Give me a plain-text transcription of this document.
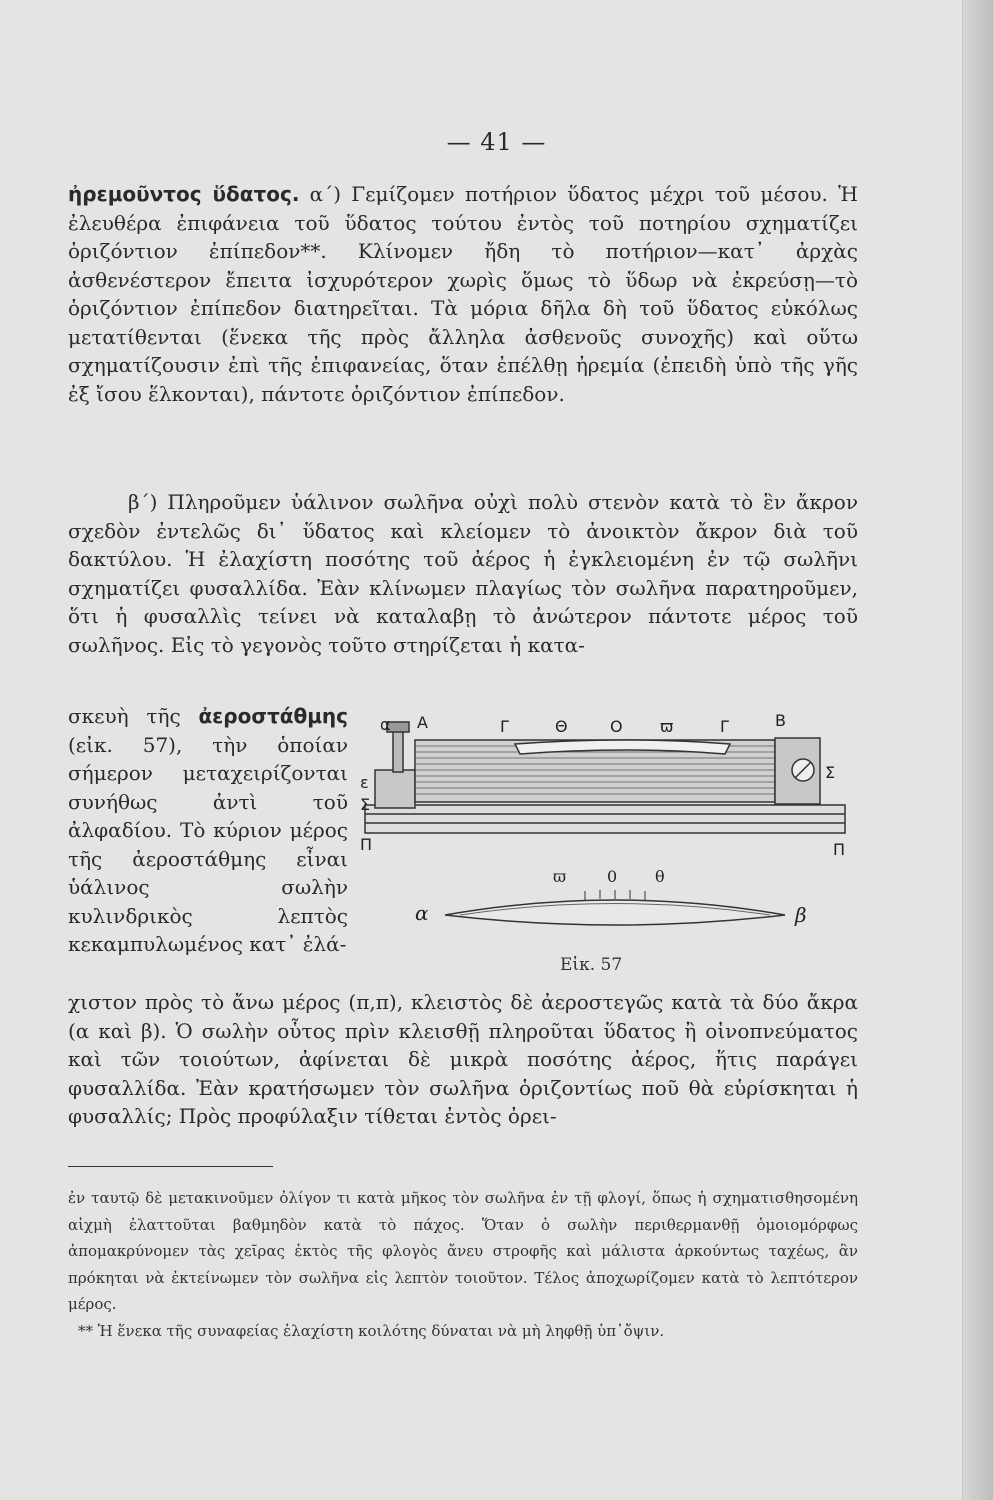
— 41 —

ἠρεμοῦντος ὕδατος. α΄) Γεμίζομεν ποτήριον ὕδατος μέχρι τοῦ μέσου. Ἡ ἐλευθέρα ἐπιφάνεια τοῦ ὕδατος τούτου ἐντὸς τοῦ ποτηρίου σχηματίζει ὁριζόντιον ἐπίπεδον**. Κλίνομεν ἤδη τὸ ποτήριον—κατ᾽ ἀρχὰς ἀσθενέστερον ἔπειτα ἰσχυρότερον χωρὶς ὅμως τὸ ὕδωρ νὰ ἐκρεύσῃ—τὸ ὁριζόντιον ἐπίπεδον διατηρεῖται. Τὰ μόρια δῆλα δὴ τοῦ ὕδατος εὐκόλως μετατίθενται (ἕνεκα τῆς πρὸς ἄλληλα ἀσθενοῦς συνοχῆς) καὶ οὕτω σχηματίζουσιν ἐπὶ τῆς ἐπιφανείας, ὅταν ἐπέλθῃ ἠρεμία (ἐπειδὴ ὑπὸ τῆς γῆς ἐξ ἴσου ἕλκονται), πάντοτε ὁριζόντιον ἐπίπεδον.

β΄) Πληροῦμεν ὑάλινον σωλῆνα οὐχὶ πολὺ στενὸν κατὰ τὸ ἓν ἄκρον σχεδὸν ἐντελῶς δι᾽ ὕδατος καὶ κλείομεν τὸ ἀνοικτὸν ἄκρον διὰ τοῦ δακτύλου. Ἡ ἐλαχίστη ποσότης τοῦ ἀέρος ἡ ἐγκλειομένη ἐν τῷ σωλῆνι σχηματίζει φυσαλλίδα. Ἐὰν κλίνωμεν πλαγίως τὸν σωλῆνα παρατηροῦμεν, ὅτι ἡ φυσαλλὶς τείνει νὰ καταλαβῃ τὸ ἀνώτερον πάντοτε μέρος τοῦ σωλῆνος. Εἰς τὸ γεγονὸς τοῦτο στηρίζεται ἡ κατα-

σκευὴ τῆς ἀεροστάθμης (εἰκ. 57), τὴν ὁποίαν σήμερον μεταχειρίζονται συνήθως ἀντὶ τοῦ ἀλφαδίου. Τὸ κύριον μέρος τῆς ἀεροστάθμης εἶναι ὑάλινος σωλὴν κυλινδρικὸς λεπτὸς κεκαμπυλωμένος κατ᾽ ἐλά-
α Α	Γ	Θ	Ο ϖ	Γ	Β
ε
Σ
Σ
Π	Π
ϖ	0 θ
α	β
Εἰκ. 57

χιστον πρὸς τὸ ἄνω μέρος (π,π), κλειστὸς δὲ ἀεροστεγῶς κατὰ τὰ δύο ἄκρα (α καὶ β). Ὁ σωλὴν οὗτος πρὶν κλεισθῇ πληροῦται ὕδατος ἢ οἰνοπνεύματος καὶ τῶν τοιούτων, ἀφίνεται δὲ μικρὰ ποσότης ἀέρος, ἥτις παράγει φυσαλλίδα. Ἐὰν κρατήσωμεν τὸν σωλῆνα ὁριζοντίως ποῦ θὰ εὑρίσκηται ἡ φυσαλλίς; Πρὸς προφύλαξιν τίθεται ἐντὸς ὀρει-

ἐν ταυτῷ δὲ μετακινοῦμεν ὀλίγον τι κατὰ μῆκος τὸν σωλῆνα ἐν τῇ φλογί, ὅπως ἡ σχηματισθησομένη αἰχμὴ ἐλαττοῦται βαθμηδὸν κατὰ τὸ πάχος. Ὅταν ὁ σωλὴν περιθερμανθῇ ὁμοιομόρφως ἀπομακρύνομεν τὰς χεῖρας ἐκτὸς τῆς φλογὸς ἄνευ στροφῆς καὶ μάλιστα ἀρκούντως ταχέως, ἂν πρόκηται νὰ ἐκτείνωμεν τὸν σωλῆνα εἰς λεπτὸν τοιοῦτον. Τέλος ἀποχωρίζομεν κατὰ τὸ λεπτότερον μέρος.

** Ἡ ἕνεκα τῆς συναφείας ἐλαχίστη κοιλότης δύναται νὰ μὴ ληφθῇ ὑπ᾽ὄψιν.
